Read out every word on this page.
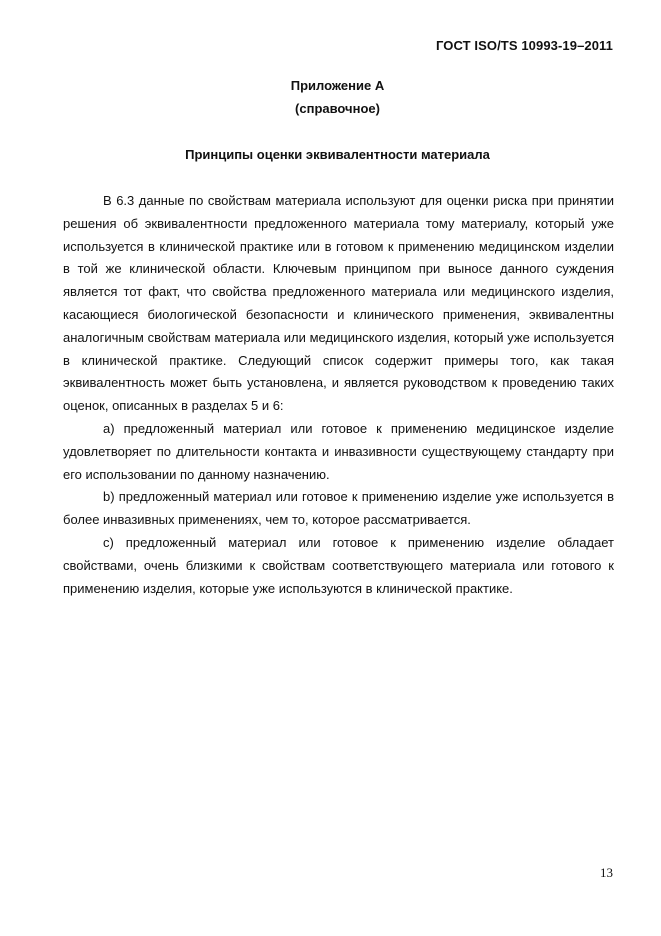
ГОСТ ISO/TS 10993-19–2011
Приложение А
(справочное)
Принципы оценки эквивалентности материала

В 6.3 данные по свойствам материала используют для оценки риска при принятии решения об эквивалентности предложенного материала тому материалу, который уже используется в клинической практике или в готовом к применению медицинском изделии в той же клинической области. Ключевым принципом при выносе данного суждения является тот факт, что свойства предложенного материала или медицинского изделия, касающиеся биологической безопасности и клинического применения, эквивалентны аналогичным свойствам материала или медицинского изделия, который уже используется в клинической практике. Следующий список содержит примеры того, как такая эквивалентность может быть установлена, и является руководством к проведению таких оценок, описанных в разделах 5 и 6:

а) предложенный материал или готовое к применению медицинское изделие удовлетворяет по длительности контакта и инвазивности существующему стандарту при его использовании по данному назначению.

b) предложенный материал или готовое к применению изделие уже используется в более инвазивных применениях, чем то, которое рассматривается.

с) предложенный материал или готовое к применению изделие обладает свойствами, очень близкими к свойствам соответствующего материала или готового к применению изделия, которые уже используются в клинической практике.

13
